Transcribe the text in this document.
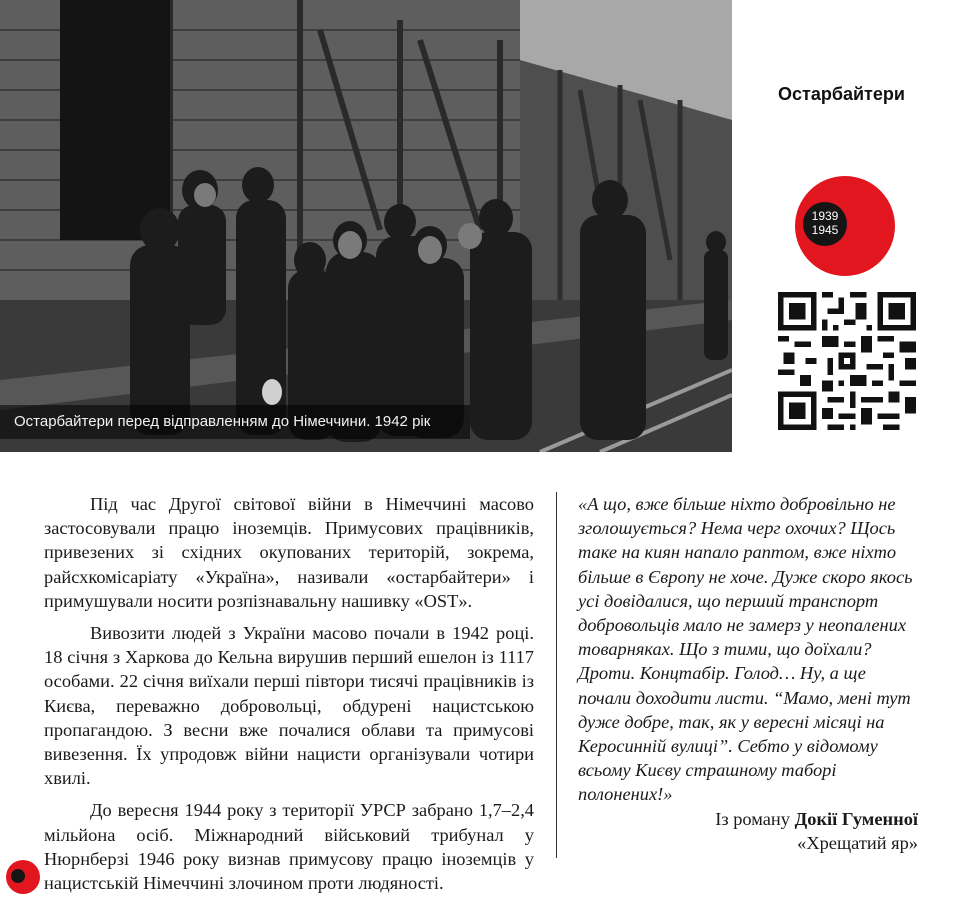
Остарбайтери перед відправленням до Німеччини. 1942 рік
Остарбайтери
1939
1945

Під час Другої світової війни в Німеччині масово застосовували працю іноземців. Примусових працівників, привезених зі східних окупованих територій, зокрема, райсхкомісаріату «Україна», називали «остарбайтери» і примушували носити розпізнавальну нашивку «OST».

Вивозити людей з України масово почали в 1942 році. 18 січня з Харкова до Кельна вирушив перший ешелон із 1117 особами. 22 січня виїхали перші півтори тисячі працівників із Києва, переважно добровольці, обдурені нацистською пропагандою. З весни вже почалися облави та примусові вивезення. Їх упродовж війни нацисти організували чотири хвилі.

До вересня 1944 року з території УРСР забрано 1,7–2,4 мільйона осіб. Міжнародний військовий трибунал у Нюрнберзі 1946 року визнав примусову працю іноземців у нацистській Німеччині злочином проти людяності.

«А що, вже більше ніхто добровільно не зголошується? Нема черг охочих? Щось таке на киян напало раптом, вже ніхто більше в Європу не хоче. Дуже скоро якось усі довідалися, що перший транспорт добровольців мало не замерз у неопалених товарняках. Що з тими, що доїхали? Дроти. Концтабір. Голод… Ну, а ще почали доходити листи. “Мамо, мені тут дуже добре, так, як у вересні місяці на Керосинній вулиці”. Себто у відомому всьому Києву страшному таборі полонених!»

Із роману Докії Гуменної
«Хрещатий яр»
